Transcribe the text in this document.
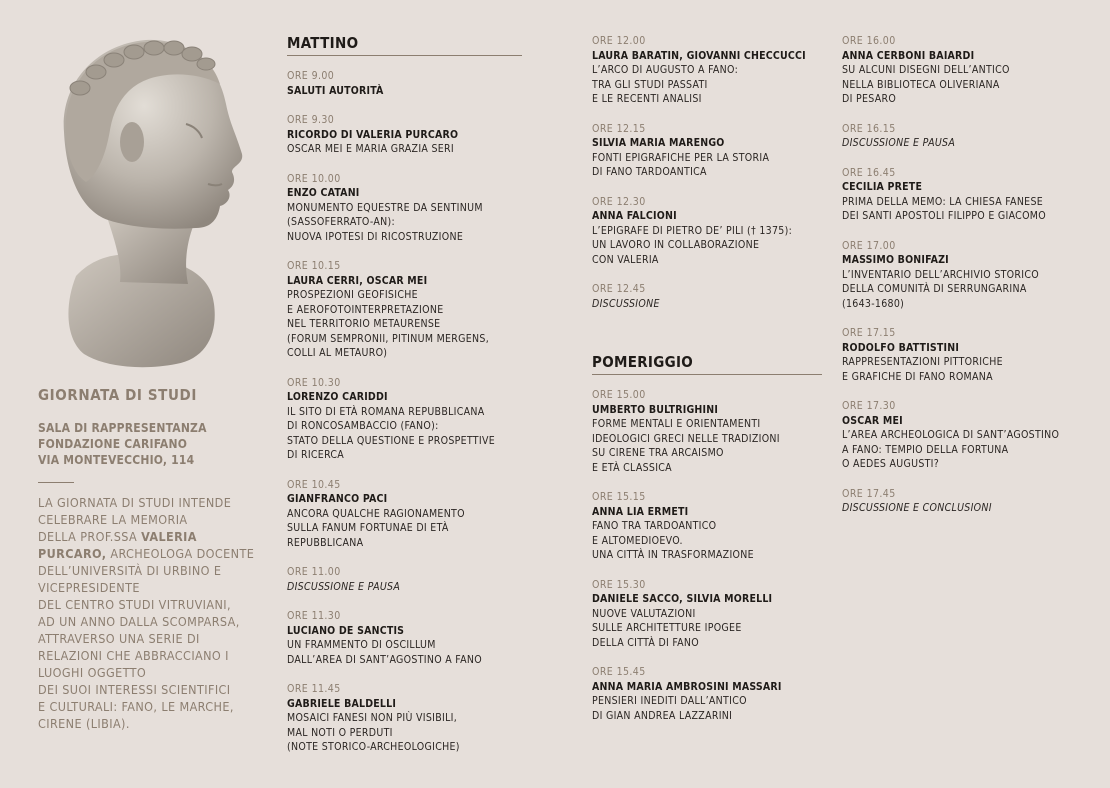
GIORNATA DI STUDI
SALA DI RAPPRESENTANZA
FONDAZIONE CARIFANO
VIA MONTEVECCHIO, 114
LA GIORNATA DI STUDI INTENDE
CELEBRARE LA MEMORIA
DELLA PROF.SSA VALERIA
PURCARO, ARCHEOLOGA DOCENTE
DELL’UNIVERSITÀ DI URBINO E
VICEPRESIDENTE
DEL CENTRO STUDI VITRUVIANI,
AD UN ANNO DALLA SCOMPARSA,
ATTRAVERSO UNA SERIE DI
RELAZIONI CHE ABBRACCIANO I
LUOGHI OGGETTO
DEI SUOI INTERESSI SCIENTIFICI
E CULTURALI: FANO, LE MARCHE,
CIRENE (LIBIA).
MATTINO
ORE 9.00
SALUTI AUTORITÀ
ORE 9.30
RICORDO DI VALERIA PURCARO
OSCAR MEI E MARIA GRAZIA SERI
ORE 10.00
ENZO CATANI
MONUMENTO EQUESTRE DA SENTINUM
(SASSOFERRATO-AN):
NUOVA IPOTESI DI RICOSTRUZIONE
ORE 10.15
LAURA CERRI, OSCAR MEI
PROSPEZIONI GEOFISICHE
E AEROFOTOINTERPRETAZIONE
NEL TERRITORIO METAURENSE
(FORUM SEMPRONII, PITINUM MERGENS,
COLLI AL METAURO)
ORE 10.30
LORENZO CARIDDI
IL SITO DI ETÀ ROMANA REPUBBLICANA
DI RONCOSAMBACCIO (FANO):
STATO DELLA QUESTIONE E PROSPETTIVE
DI RICERCA
ORE 10.45
GIANFRANCO PACI
ANCORA QUALCHE RAGIONAMENTO
SULLA FANUM FORTUNAE DI ETÀ
REPUBBLICANA
ORE 11.00
DISCUSSIONE E PAUSA
ORE 11.30
LUCIANO DE SANCTIS
UN FRAMMENTO DI OSCILLUM
DALL’AREA DI SANT’AGOSTINO A FANO
ORE 11.45
GABRIELE BALDELLI
MOSAICI FANESI NON PIÙ VISIBILI,
MAL NOTI O PERDUTI
(NOTE STORICO-ARCHEOLOGICHE)
ORE 12.00
LAURA BARATIN, GIOVANNI CHECCUCCI
L’ARCO DI AUGUSTO A FANO:
TRA GLI STUDI PASSATI
E LE RECENTI ANALISI
ORE 12.15
SILVIA MARIA MARENGO
FONTI EPIGRAFICHE PER LA STORIA
DI FANO TARDOANTICA
ORE 12.30
ANNA FALCIONI
L’EPIGRAFE DI PIETRO DE’ PILI († 1375):
UN LAVORO IN COLLABORAZIONE
CON VALERIA
ORE 12.45
DISCUSSIONE
POMERIGGIO
ORE 15.00
UMBERTO BULTRIGHINI
FORME MENTALI E ORIENTAMENTI
IDEOLOGICI GRECI NELLE TRADIZIONI
SU CIRENE TRA ARCAISMO
E ETÀ CLASSICA
ORE 15.15
ANNA LIA ERMETI
FANO TRA TARDOANTICO
E ALTOMEDIOEVO.
UNA CITTÀ IN TRASFORMAZIONE
ORE 15.30
DANIELE SACCO, SILVIA MORELLI
NUOVE VALUTAZIONI
SULLE ARCHITETTURE IPOGEE
DELLA CITTÀ DI FANO
ORE 15.45
ANNA MARIA AMBROSINI MASSARI
PENSIERI INEDITI DALL’ANTICO
DI GIAN ANDREA LAZZARINI
ORE 16.00
ANNA CERBONI BAIARDI
SU ALCUNI DISEGNI DELL’ANTICO
NELLA BIBLIOTECA OLIVERIANA
DI PESARO
ORE 16.15
DISCUSSIONE E PAUSA
ORE 16.45
CECILIA PRETE
PRIMA DELLA MEMO: LA CHIESA FANESE
DEI SANTI APOSTOLI FILIPPO E GIACOMO
ORE 17.00
MASSIMO BONIFAZI
L’INVENTARIO DELL’ARCHIVIO STORICO
DELLA COMUNITÀ DI SERRUNGARINA
(1643-1680)
ORE 17.15
RODOLFO BATTISTINI
RAPPRESENTAZIONI PITTORICHE
E GRAFICHE DI FANO ROMANA
ORE 17.30
OSCAR MEI
L’AREA ARCHEOLOGICA DI SANT’AGOSTINO
A FANO: TEMPIO DELLA FORTUNA
O AEDES AUGUSTI?
ORE 17.45
DISCUSSIONE E CONCLUSIONI
